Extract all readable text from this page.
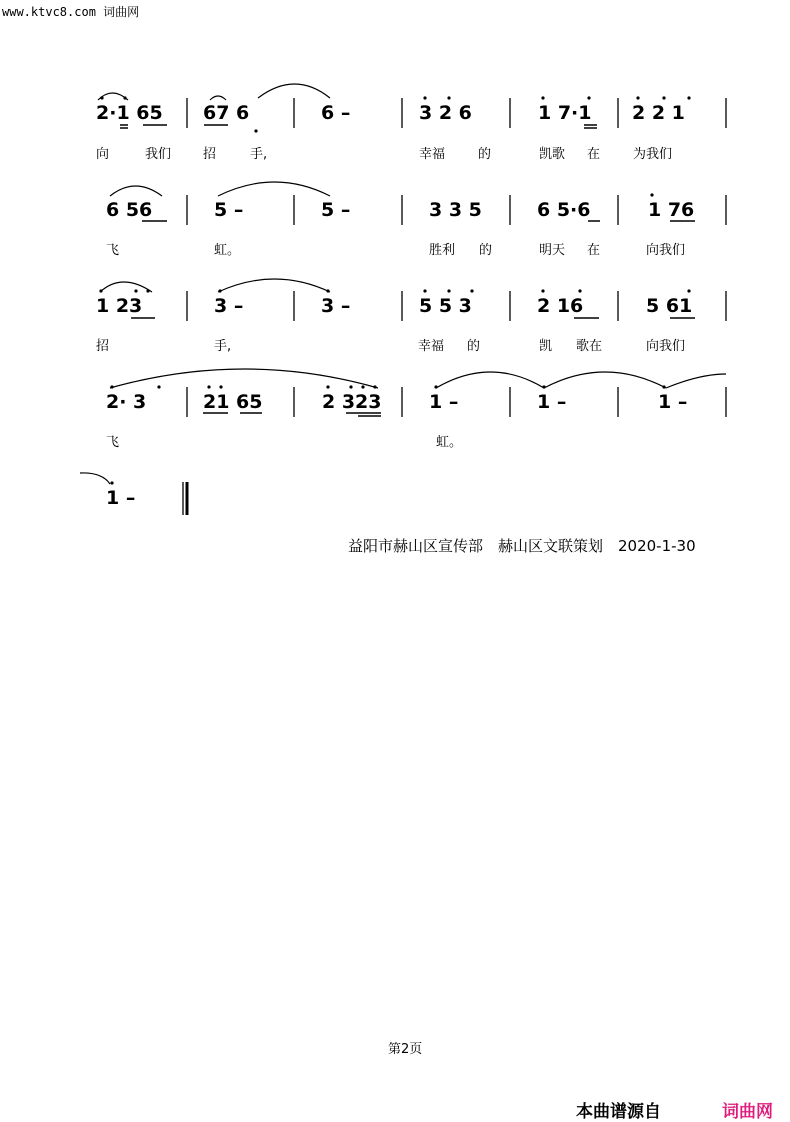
www.ktvc8.com 词曲网
2·1 65 67 6	6 –	3 2 6	1 7·1 2 2 1
向	我们 招	手,	幸福	的	凯歌 在	为我们
6 56	5 –	5 –	3 3 5	6 5·6	1 76
飞	虹。	胜利 的	明天 在	向我们
1 23	3 –	3 –	5 5 3	2 16	5 61
招	手,	幸福 的	凯 歌在	向我们
2· 3	21 65	2 323	1 –	1 –	1 –
飞	虹。
1 –
益阳市赫山区宣传部　赫山区文联策划　2020-1-30
第2页
本曲谱源自	词曲网
